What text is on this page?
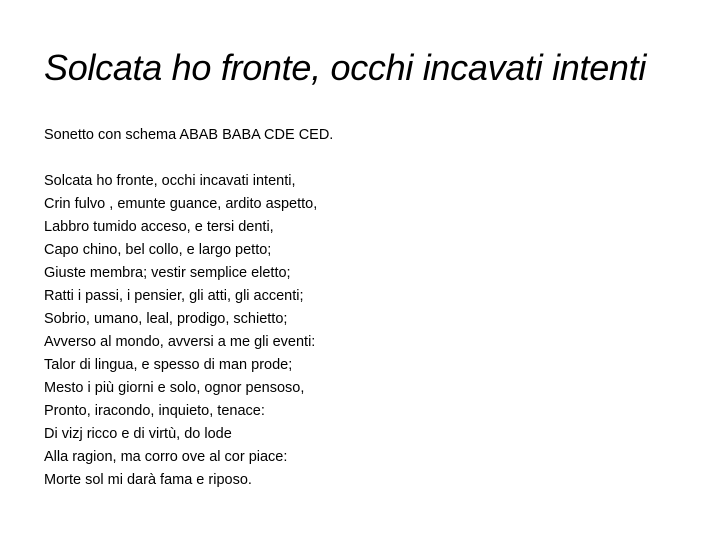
Solcata ho fronte, occhi incavati intenti

Sonetto con schema ABAB BABA CDE CED.

Solcata ho fronte, occhi incavati intenti,
Crin fulvo , emunte guance, ardito aspetto,
Labbro tumido acceso, e tersi denti,
Capo chino, bel collo, e largo petto;
Giuste membra; vestir semplice eletto;
Ratti i passi, i pensier, gli atti, gli accenti;
Sobrio, umano, leal, prodigo, schietto;
Avverso al mondo, avversi a me gli eventi:
Talor di lingua, e spesso di man prode;
Mesto i più giorni e solo, ognor pensoso,
Pronto, iracondo, inquieto, tenace:
Di vizj ricco e di virtù, do lode
Alla ragion, ma corro ove al cor piace:
Morte sol mi darà fama e riposo.
